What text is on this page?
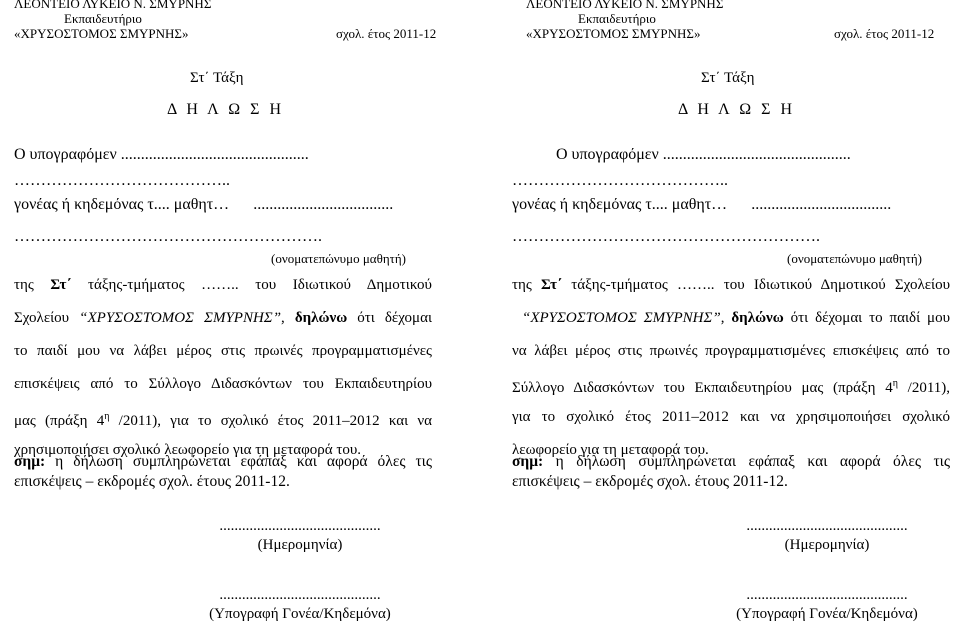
ΛΕΟΝΤΕΙΟ ΛΥΚΕΙΟ Ν. ΣΜΥΡΝΗΣ
Εκπαιδευτήριο
«ΧΡΥΣΟΣΤΟΜΟΣ ΣΜΥΡΝΗΣ»	σχολ. έτος 2011-12
Στ΄ Τάξη
Δ Η Λ Ω Σ Η
Ο υπογραφόμεν ...............................................
…………………………………..
γονέας ή κηδεμόνας τ.... μαθητ… ...................................
………………………………………………….
(ονοματεπώνυμο μαθητή)
της Στ΄ τάξης-τμήματος …….. του Ιδιωτικού Δημοτικού
Σχολείου “ΧΡΥΣΟΣΤΟΜΟΣ ΣΜΥΡΝΗΣ”, δηλώνω ότι δέχομαι
το παιδί μου να λάβει μέρος στις πρωινές προγραμματισμένες
επισκέψεις από το Σύλλογο Διδασκόντων του Εκπαιδευτηρίου
μας (πράξη $4^\eta$ /2011), για το σχολικό έτος 2011–2012 και να
χρησιμοποιήσει σχολικό λεωφορείο για τη μεταφορά του.
σημ: η δήλωση συμπληρώνεται εφάπαξ και αφορά όλες τις επισκέψεις – εκδρομές σχολ. έτους 2011-12.
...........................................
(Ημερομηνία)
...........................................
(Υπογραφή Γονέα/Κηδεμόνα)
ΛΕΟΝΤΕΙΟ ΛΥΚΕΙΟ Ν. ΣΜΥΡΝΗΣ
Εκπαιδευτήριο
«ΧΡΥΣΟΣΤΟΜΟΣ ΣΜΥΡΝΗΣ»	σχολ. έτος 2011-12
Στ΄ Τάξη
Δ Η Λ Ω Σ Η
Ο υπογραφόμεν ...............................................
…………………………………..
γονέας ή κηδεμόνας τ.... μαθητ… ...................................
………………………………………………….
(ονοματεπώνυμο μαθητή)
της Στ΄ τάξης-τμήματος …….. του Ιδιωτικού Δημοτικού Σχολείου
“ΧΡΥΣΟΣΤΟΜΟΣ ΣΜΥΡΝΗΣ”, δηλώνω ότι δέχομαι το παιδί μου
να λάβει μέρος στις πρωινές προγραμματισμένες επισκέψεις από το
Σύλλογο Διδασκόντων του Εκπαιδευτηρίου μας (πράξη $4^\eta$ /2011),
για το σχολικό έτος 2011–2012 και να χρησιμοποιήσει σχολικό
λεωφορείο για τη μεταφορά του.
σημ: η δήλωση συμπληρώνεται εφάπαξ και αφορά όλες τις επισκέψεις – εκδρομές σχολ. έτους 2011-12.
...........................................
(Ημερομηνία)
...........................................
(Υπογραφή Γονέα/Κηδεμόνα)
